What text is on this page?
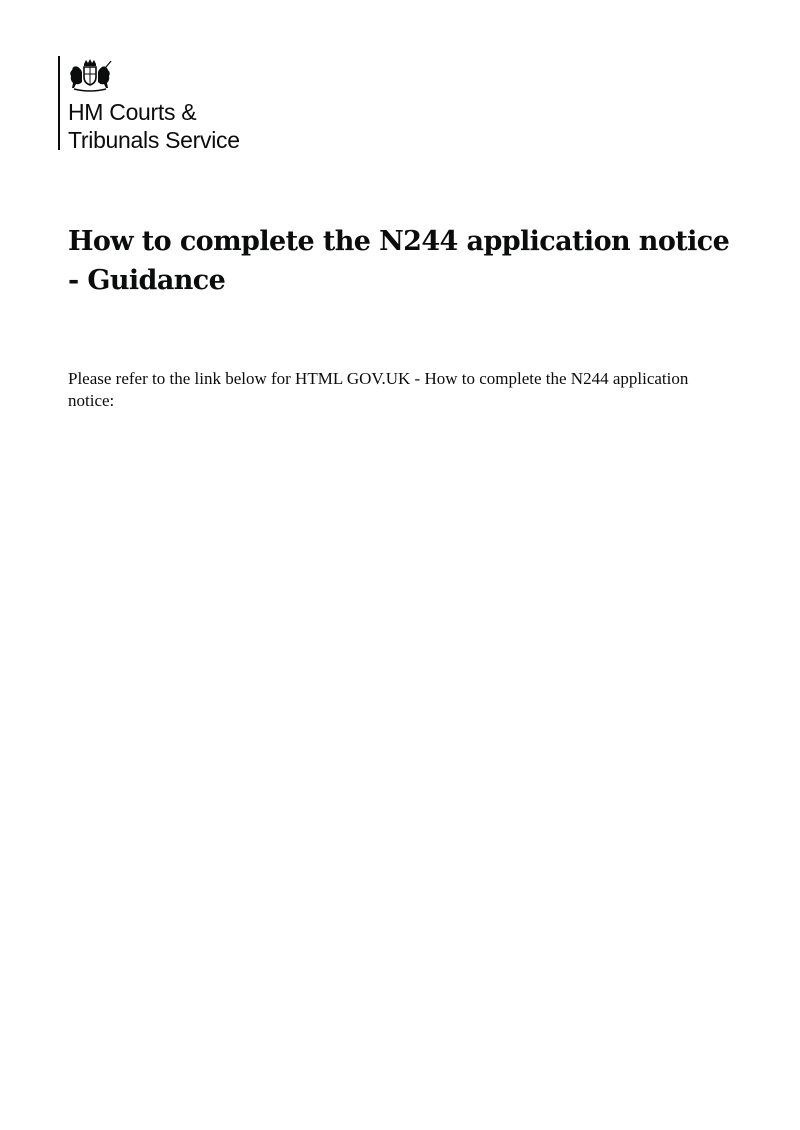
HM Courts &
Tribunals Service
How to complete the N244 application notice - Guidance

Please refer to the link below for HTML GOV.UK - How to complete the N244 application notice:
